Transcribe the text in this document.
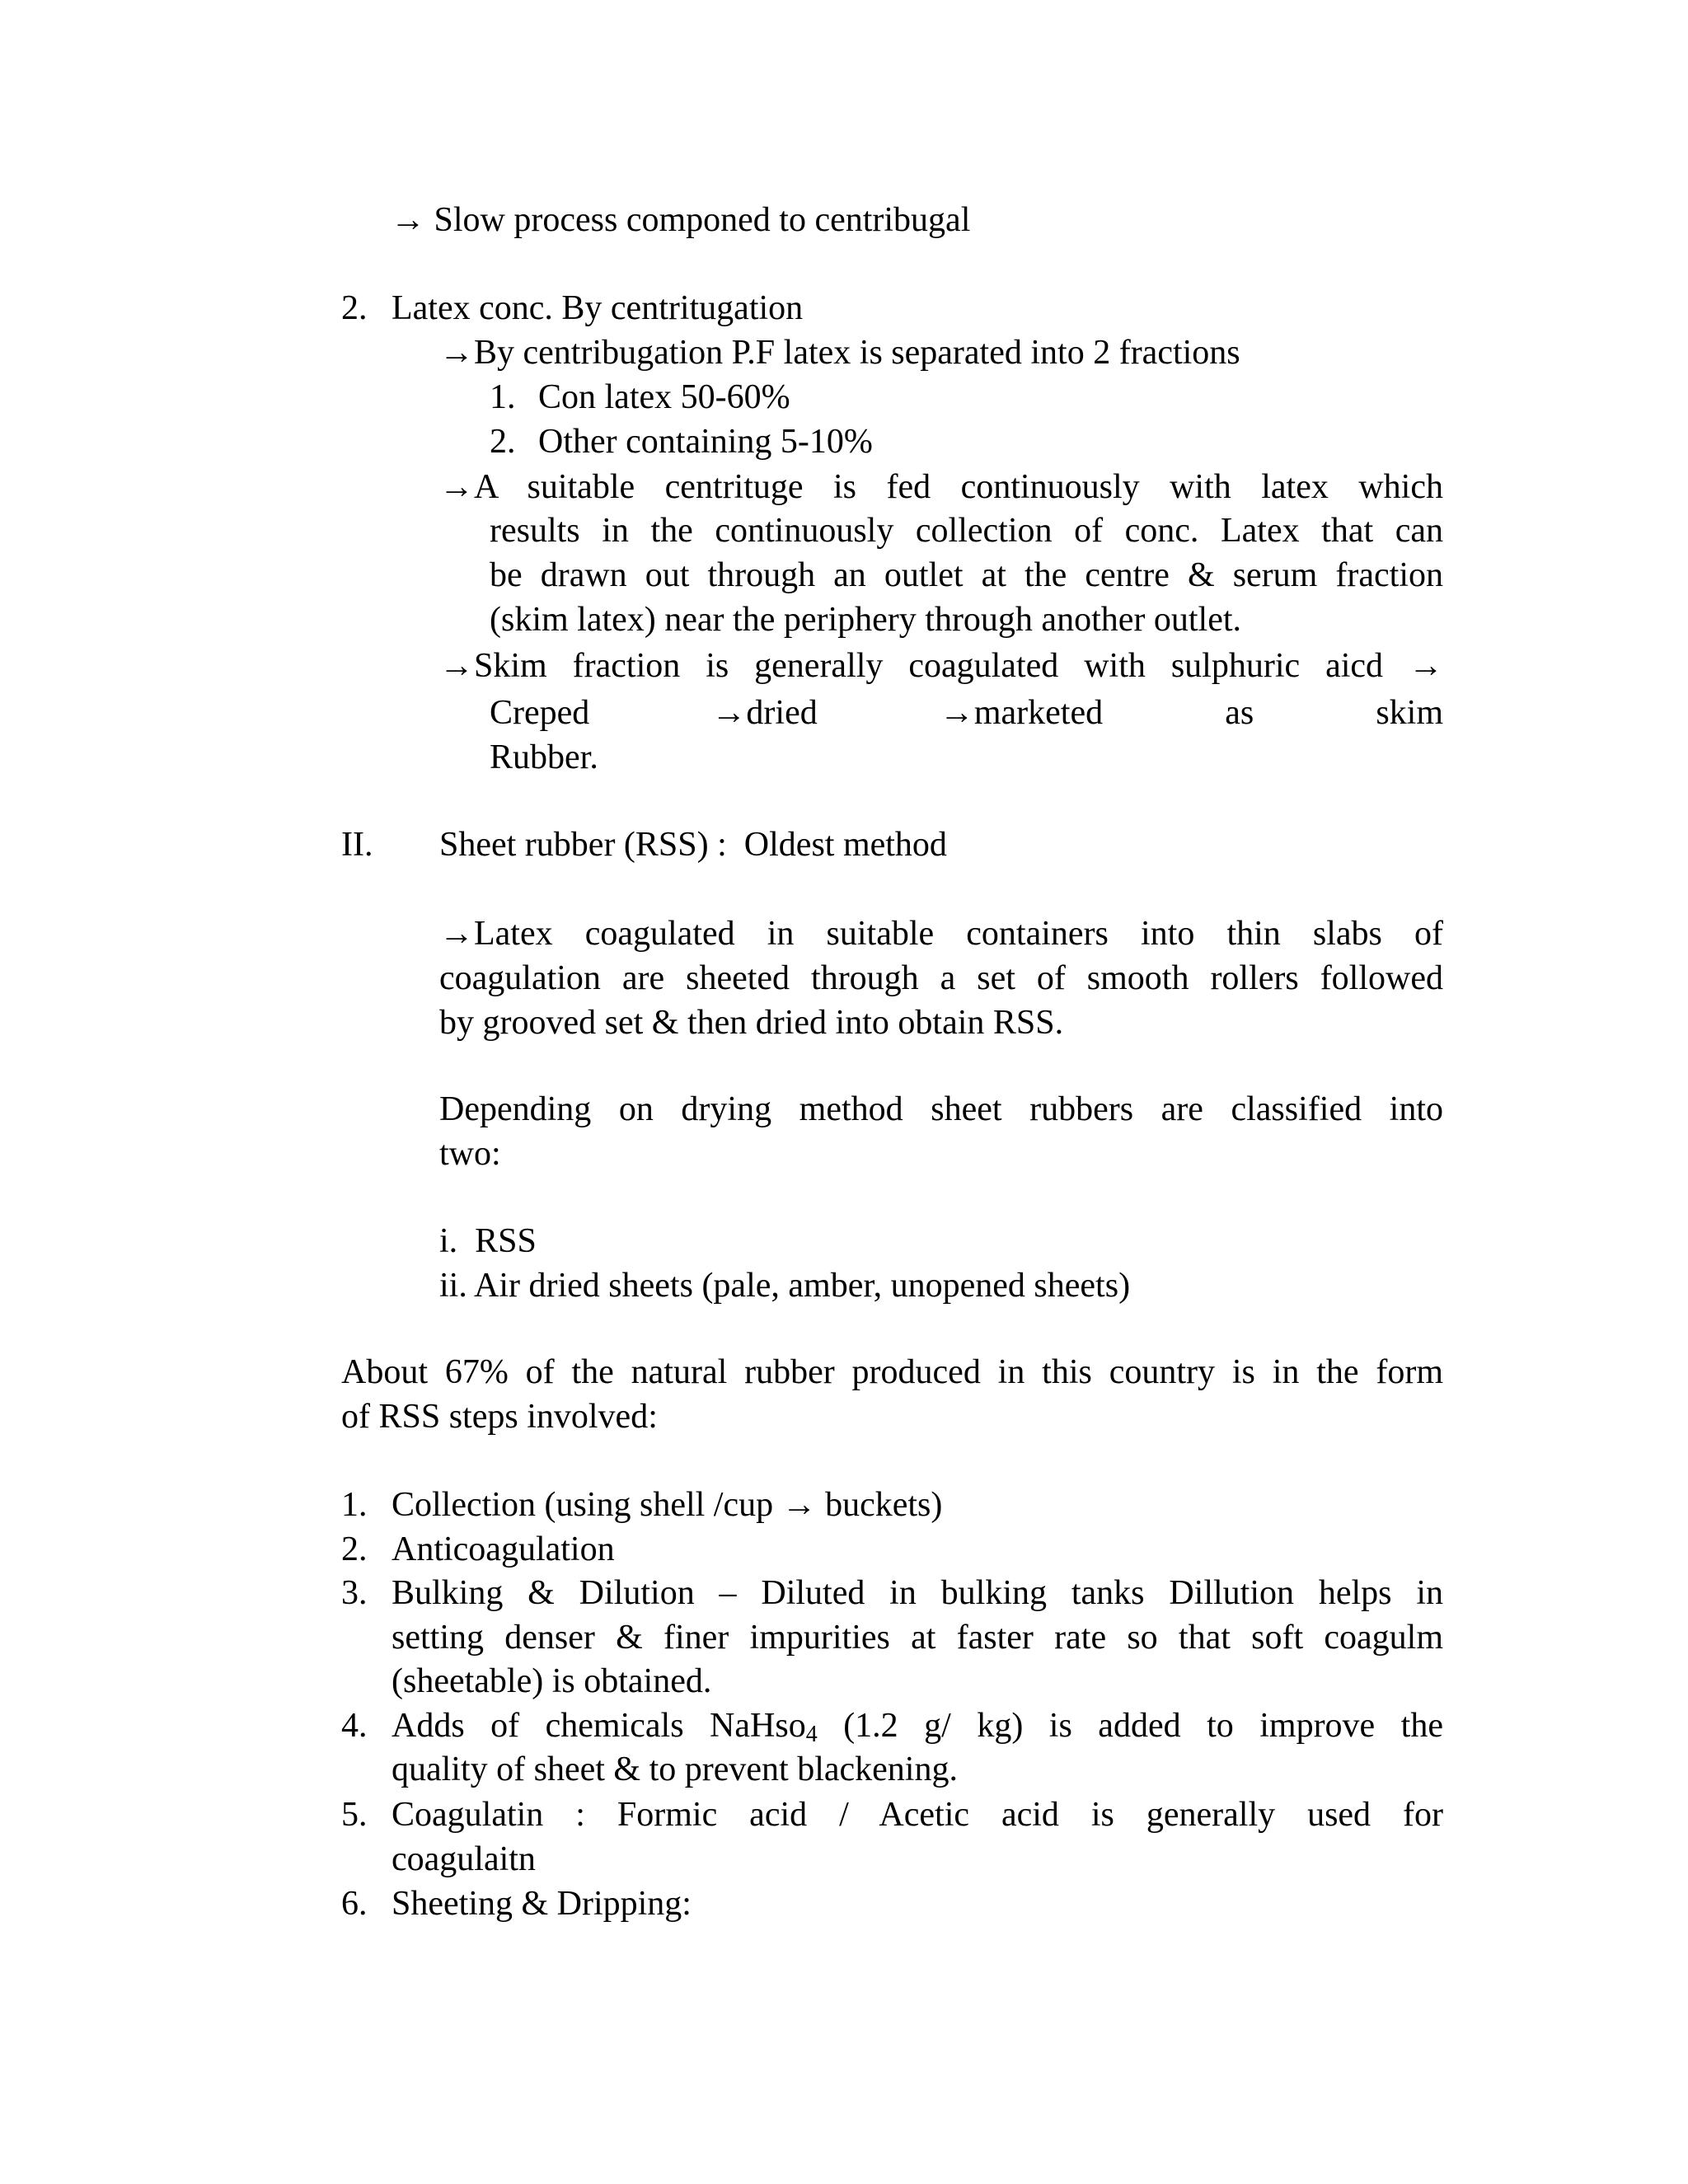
→ Slow process componed to centribugal
2. Latex conc. By centritugation
→By centribugation P.F latex is separated into 2 fractions
1. Con latex 50-60%
2. Other containing 5-10%
→A suitable centrituge is fed continuously with latex which
results in the continuously collection of conc. Latex that can
be drawn out through an outlet at the centre & serum fraction
(skim latex) near the periphery through another outlet.
→Skim fraction is generally coagulated with sulphuric aicd →
Creped →dried →marketed as skim
Rubber.
II. Sheet rubber (RSS) :  Oldest method
→Latex coagulated in suitable containers into thin slabs of
coagulation are sheeted through a set of smooth rollers followed
by grooved set & then dried into obtain RSS.
Depending on drying method sheet rubbers are classified into
two:
i.  RSS
ii. Air dried sheets (pale, amber, unopened sheets)
About 67% of the natural rubber produced in this country is in the form
of RSS steps involved:
1. Collection (using shell /cup → buckets)
2. Anticoagulation
3. Bulking & Dilution – Diluted in bulking tanks Dillution helps in
setting denser & finer impurities at faster rate so that soft coagulm
(sheetable) is obtained.
4. Adds of chemicals NaHso$_4$ (1.2 g/ kg) is added to improve the
quality of sheet & to prevent blackening.
5. Coagulatin : Formic acid / Acetic acid is generally used for
coagulaitn
6. Sheeting & Dripping:
